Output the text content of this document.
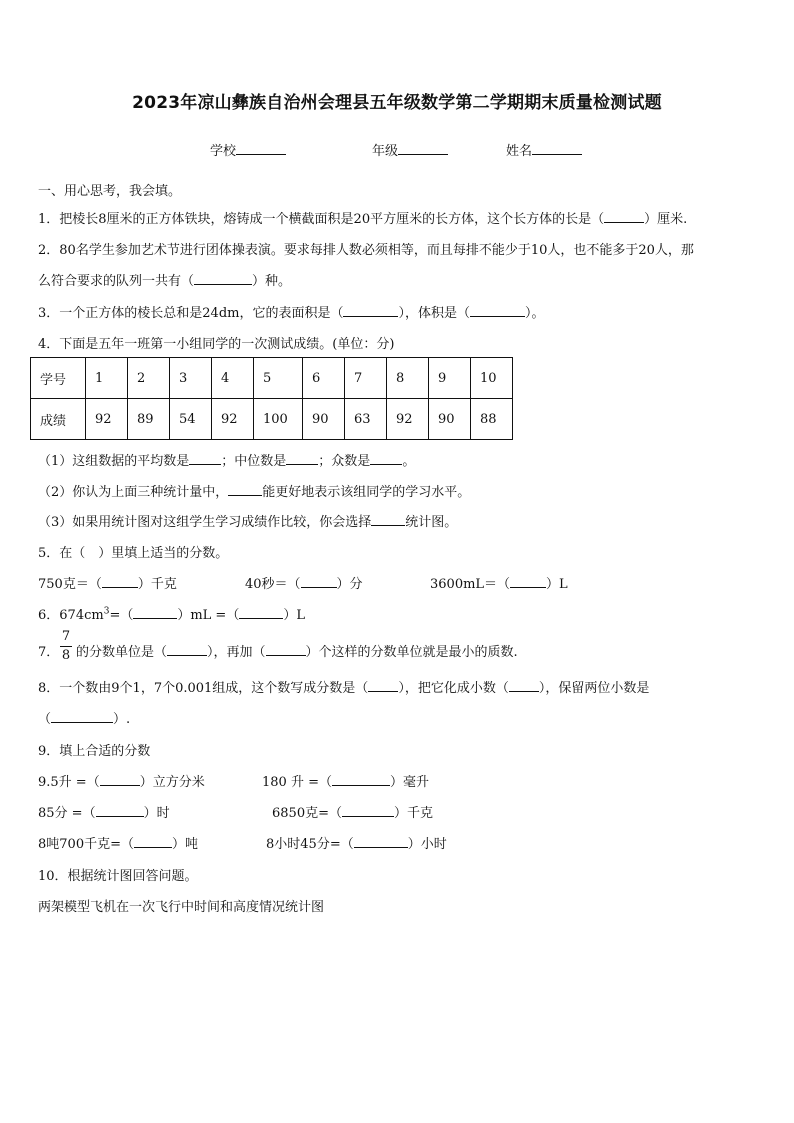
2023年凉山彝族自治州会理县五年级数学第二学期期末质量检测试题
学校	年级	姓名
一、用心思考，我会填。
1．把棱长8厘米的正方体铁块，熔铸成一个横截面积是20平方厘米的长方体，这个长方体的长是（	）厘米.
2．80名学生参加艺术节进行团体操表演。要求每排人数必须相等，而且每排不能少于10人，也不能多于20人，那
么符合要求的队列一共有（	）种。
3．一个正方体的棱长总和是24dm，它的表面积是（	），体积是（	）。
4．下面是五年一班第一小组同学的一次测试成绩。(单位：分)
学号	1	2	3	4	5	6	7	8	9	10
成绩	92	89	54	92	100	90	63	92	90	88
（1）这组数据的平均数是 ；中位数是 ；众数是 。
（2）你认为上面三种统计量中，	能更好地表示该组同学的学习水平。
（3）如果用统计图对这组学生学习成绩作比较，你会选择	统计图。
5．在（　）里填上适当的分数。
750克＝（	）千克	40秒＝（	）分	3600mL＝（	）L
6．$674cm^3=$（	）mL =（	）L
7．
7
8 的分数单位是（	），再加（	）个这样的分数单位就是最小的质数.
8．一个数由9个1，7个0.001组成，这个数写成分数是（ ），把它化成小数（ ），保留两位小数是
（	）.
9．填上合适的分数
9.5升 =（	）立方分米	180 升 =（	）毫升
85分 =（	）时	6850克=（	）千克
8吨700千克=（	）吨	8小时45分=（	）小时
10．根据统计图回答问题。
两架模型飞机在一次飞行中时间和高度情况统计图
